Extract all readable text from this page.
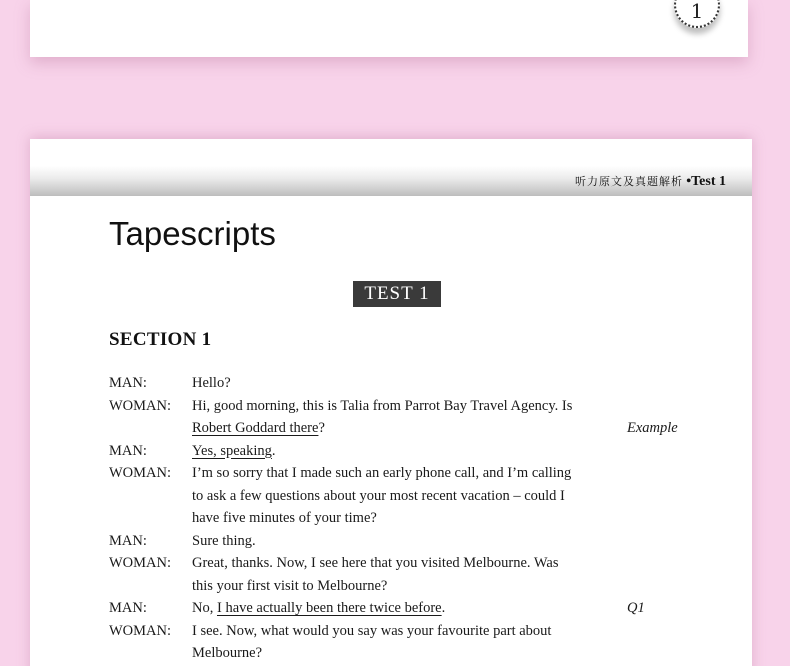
1
听力原文及真题解析 •Test 1
Tapescripts
TEST 1
SECTION 1
MAN:	Hello?
WOMAN: Hi, good morning, this is Talia from Parrot Bay Travel Agency. Is
Robert Goddard there?	Example
MAN:	Yes, speaking.
WOMAN: I’m so sorry that I made such an early phone call, and I’m calling
to ask a few questions about your most recent vacation – could I
have five minutes of your time?
MAN:	Sure thing.
WOMAN: Great, thanks. Now, I see here that you visited Melbourne. Was
this your first visit to Melbourne?
MAN:	No, I have actually been there twice before.	Q1
WOMAN: I see. Now, what would you say was your favourite part about
Melbourne?
